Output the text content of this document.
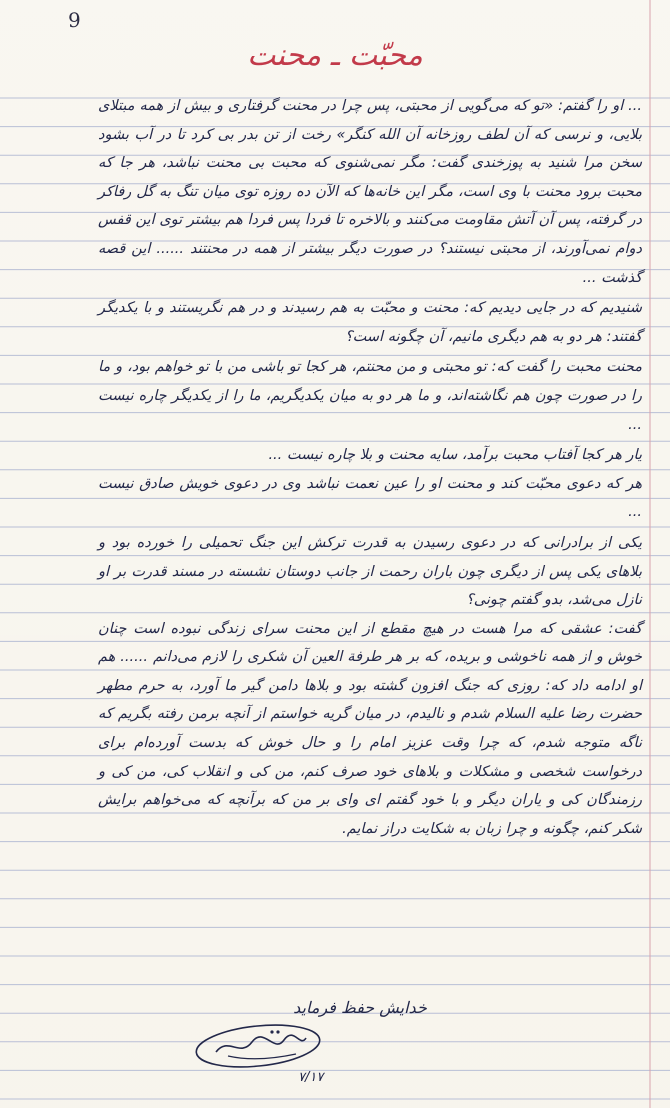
9
محبّت ـ محنت

... او را گفتم: «تو که می‌گویی از محبتی، پس چرا در محنت گرفتاری و بیش از همه مبتلای بلایی، و نرسی که آن لطف روزخانه آن الله کنگر» رخت از تن بدر بی کرد تا در آب بشود سخن مرا شنید به پوزخندی گفت: مگر نمی‌شنوی که محبت بی محنت نباشد، هر جا که محبت برود محنت با وی است، مگر این خانه‌ها که الآن ده روزه توی میان تنگ به گل رفاکر در گرفته، پس آن آتش مقاومت می‌کنند و بالاخره تا فردا پس فردا هم بیشتر توی این قفس دوام نمی‌آورند، از محبتی نیستند؟ در صورت دیگر بیشتر از همه در محنتند ...... این قصه گذشت ...

شنیدیم که در جایی دیدیم که: محنت و محبّت به هم رسیدند و در هم نگریستند و با یکدیگر گفتند: هر دو به هم دیگری مانیم، آن چگونه است؟

محنت محبت را گفت که: تو محبتی و من محنتم، هر کجا تو باشی من با تو خواهم بود، و ما را در صورت چون هم نگاشته‌اند، و ما هر دو به میان یکدیگریم، ما را از یکدیگر چاره نیست ...

یار هر کجا آفتاب محبت برآمد، سایه محنت و بلا چاره نیست ...

هر که دعوی محبّت کند و محنت او را عین نعمت نباشد وی در دعوی خویش صادق نیست ...

یکی از برادرانی که در دعوی رسیدن به قدرت ترکش این جنگ تحمیلی را خورده بود و بلاهای یکی پس از دیگری چون باران رحمت از جانب دوستان نشسته در مسند قدرت بر او نازل می‌شد، بدو گفتم چونی؟

گفت: عشقی که مرا هست در هیچ مقطع از این محنت سرای زندگی نبوده است چنان خوش و از همه ناخوشی و بریده، که بر هر طرفة العین آن شکری را لازم می‌دانم ...... هم او ادامه داد که: روزی که جنگ افزون گشته بود و بلاها دامن گیر ما آورد، به حرم مطهر حضرت رضا علیه السلام شدم و نالیدم، در میان گریه خواستم از آنچه برمن رفته بگریم که ناگه متوجه شدم، که چرا وقت عزیز امام را و حال خوش که بدست آورده‌ام برای درخواست شخصی و مشکلات و بلاهای خود صرف کنم، من کی و انقلاب کی، من کی و رزمندگان کی و یاران دیگر و با خود گفتم ای وای بر من که برآنچه که می‌خواهم برایش شکر کنم، چگونه و چرا زبان به شکایت دراز نمایم.

خدایش حفظ فرماید
۷/۱۷
